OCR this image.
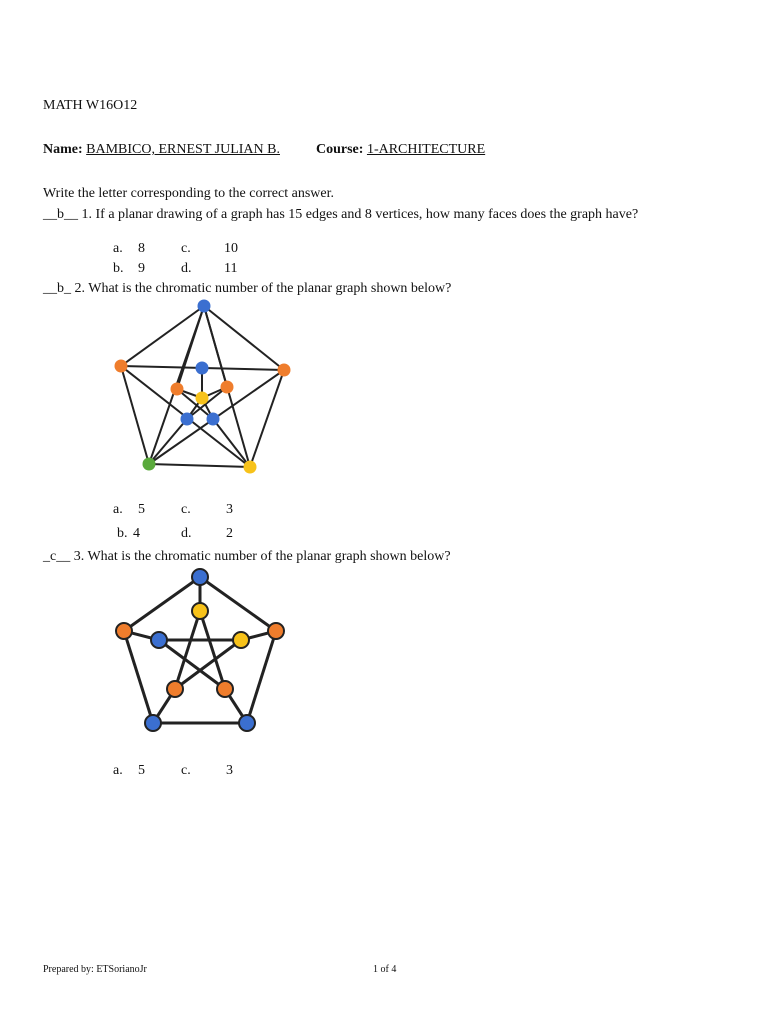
MATH W16O12
Name: BAMBICO, ERNEST JULIAN B.	Course: 1-ARCHITECTURE
Write the letter corresponding to the correct answer.
__b__ 1. If a planar drawing of a graph has 15 edges and 8 vertices, how many faces does the graph have?
a. 8	c. 10
b. 9	d. 11
__b_ 2. What is the chromatic number of the planar graph shown below?
a. 5	c.	3
b. 4	d. 2
_c__ 3. What is the chromatic number of the planar graph shown below?
a. 5	c.	3
Prepared by: ETSorianoJr	1 of 4
